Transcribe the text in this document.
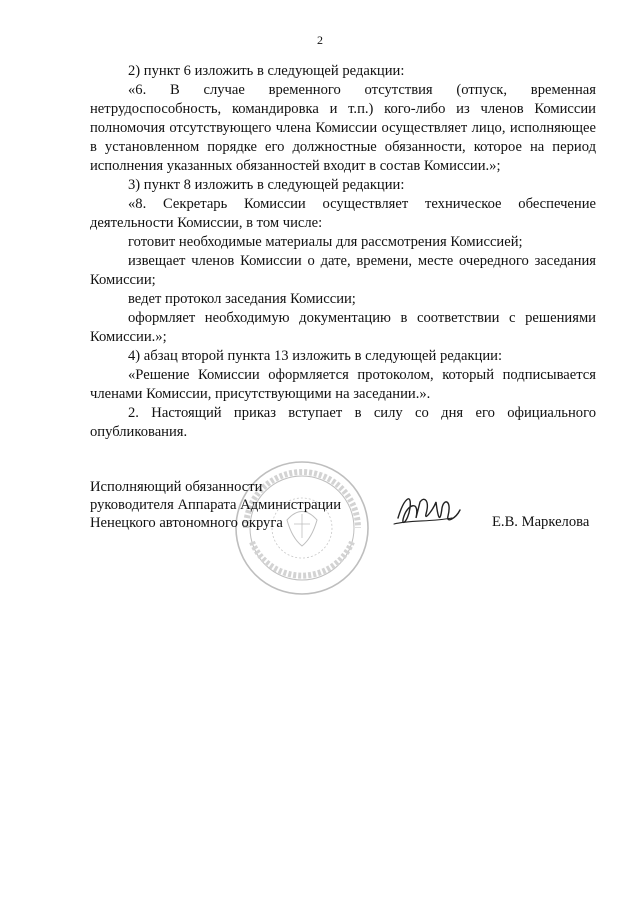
2

2) пункт 6 изложить в следующей редакции:

«6. В случае временного отсутствия (отпуск, временная нетрудоспособность, командировка и т.п.) кого-либо из членов Комиссии полномочия отсутствующего члена Комиссии осуществляет лицо, исполняющее в установленном порядке его должностные обязанности, которое на период исполнения указанных обязанностей входит в состав Комиссии.»;

3) пункт 8 изложить в следующей редакции:

«8. Секретарь Комиссии осуществляет техническое обеспечение деятельности Комиссии, в том числе:

готовит необходимые материалы для рассмотрения Комиссией;

извещает членов Комиссии о дате, времени, месте очередного заседания Комиссии;

ведет протокол заседания Комиссии;

оформляет необходимую документацию в соответствии с решениями Комиссии.»;

4) абзац второй пункта 13 изложить в следующей редакции:

«Решение Комиссии оформляется протоколом, который подписывается членами Комиссии, присутствующими на заседании.».

2. Настоящий приказ вступает в силу со дня его официального опубликования.

Исполняющий обязанности
руководителя Аппарата Администрации
Ненецкого автономного округа	Е.В. Маркелова
